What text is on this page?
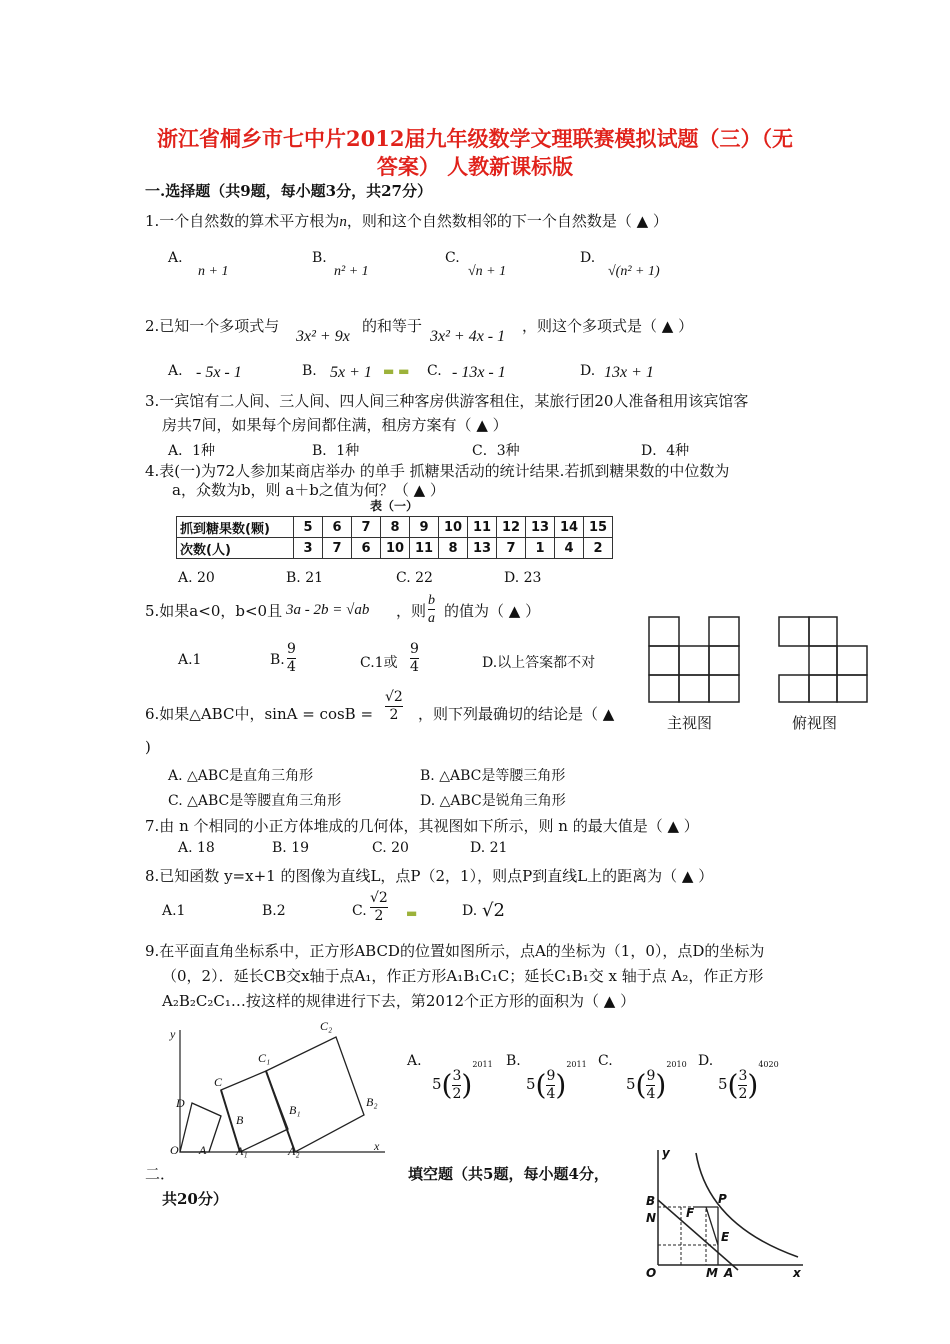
浙江省桐乡市七中片2012届九年级数学文理联赛模拟试题（三）（无
答案） 人教新课标版
一.选择题（共9题，每小题3分，共27分）
1.一个自然数的算术平方根为n，则和这个自然数相邻的下一个自然数是（ ▲ ）
A.
n + 1
B.
n² + 1
C.
√n + 1
D.
√(n² + 1)
2.已知一个多项式与
3x² + 9x
的和等于
3x² + 4x - 1
，则这个多项式是（ ▲ ）
A. - 5x - 1	B. 5x + 1 ▬ ▬ C. - 13x - 1	D. 13x + 1
3.一宾馆有二人间、三人间、四人间三种客房供游客租住，某旅行团20人准备租用该宾馆客
房共7间，如果每个房间都住满，租房方案有（ ▲ ）
A．1种	B．1种	C．3种	D．4种
4.表(一)为72人参加某商店举办 的单手 抓糖果活动的统计结果.若抓到糖果数的中位数为
a，众数为b，则 a＋b之值为何？（ ▲ ）
表（一）
抓到糖果数(颗)	5	6	7	8	9	10	11	12	13	14	15
次数(人)	3	7	6	10	11	8	13	7	1	4	2
A. 20	B. 21	C. 22	D. 23
5.如果a<0，b<0且 3a - 2b = √ab ，则 $\frac{b}{a}$ 的值为（ ▲ ）
A.1	B. $\frac{9}{4}$	C.1或 $\frac{9}{4}$	D.以上答案都不对
主视图	俯视图
6.如果△ABC中，$\sin A = \cos B = \frac{√2}{2}$ ，则下列最确切的结论是（ ▲
)
A. △ABC是直角三角形	B. △ABC是等腰三角形
C. △ABC是等腰直角三角形	D. △ABC是锐角三角形
7.由 n 个相同的小正方体堆成的几何体，其视图如下所示，则 n 的最大值是（ ▲ ）
A. 18	B. 19	C. 20	D. 21
8.已知函数 y=x+1 的图像为直线L，点P（2，1），则点P到直线L上的距离为（ ▲ ）
A.1	B.2	C. $\frac{√2}{2}$ ▬	D. √2
9.在平面直角坐标系中，正方形ABCD的位置如图所示，点A的坐标为（1，0），点D的坐标为
（0，2）．延长CB交x轴于点A₁，作正方形A₁B₁C₁C；延长C₁B₁交 x 轴于点 A₂，作正方形
A₂B₂C₂C₁…按这样的规律进行下去，第2012个正方形的面积为（ ▲ ）
y
x
O A A₁	A₂
B
B₁
B₂
C
C₁
C₂
D
A.
$5( \frac{3}{2} )^{2011}$ B.
$5( \frac{9}{4} )^{2011}$ C.
$5( \frac{9}{4} )^{2010}$ D.
$5( \frac{3}{2} )^{4020}$
二．	填空题（共5题，每小题4分，
共20分）
y
x
O
B
N F
P
E
M A
